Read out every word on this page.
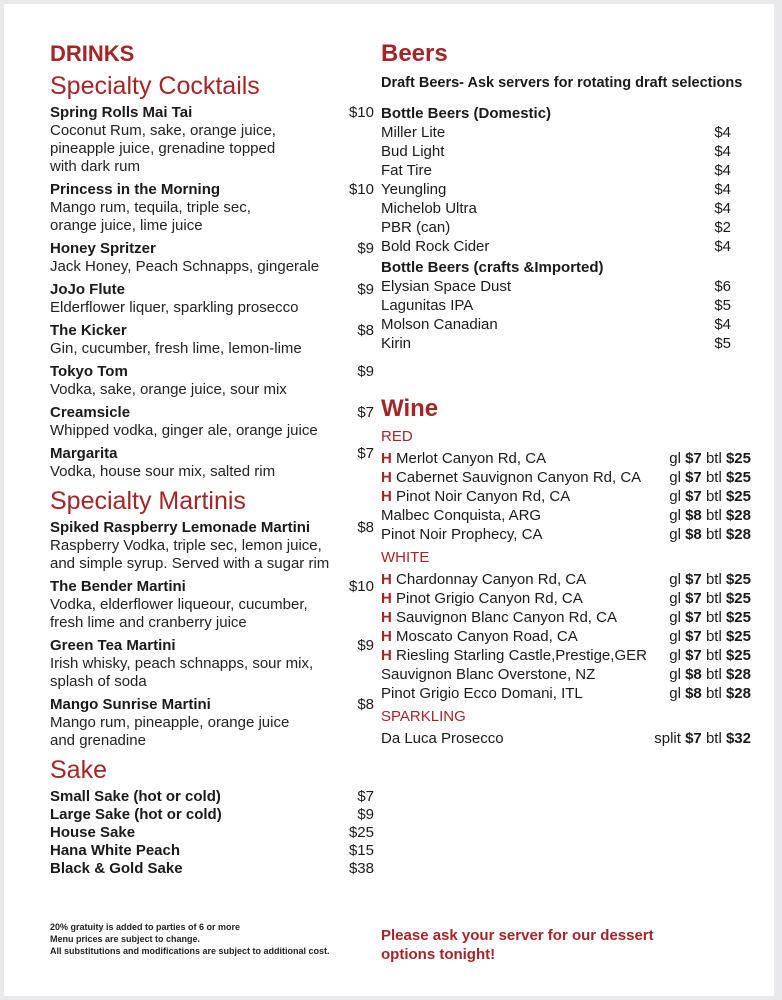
DRINKS
Specialty Cocktails
Spring Rolls Mai Tai	$10
Coconut Rum, sake, orange juice,
pineapple juice, grenadine topped
with dark rum
Princess in the Morning	$10
Mango rum, tequila, triple sec,
orange juice, lime juice
Honey Spritzer	$9
Jack Honey, Peach Schnapps, gingerale
JoJo Flute	$9
Elderflower liquer, sparkling prosecco
The Kicker	$8
Gin, cucumber, fresh lime, lemon-lime
Tokyo Tom	$9
Vodka, sake, orange juice, sour mix
Creamsicle	$7
Whipped vodka, ginger ale, orange juice
Margarita	$7
Vodka, house sour mix, salted rim
Specialty Martinis
Spiked Raspberry Lemonade Martini	$8
Raspberry Vodka, triple sec, lemon juice,
and simple syrup. Served with a sugar rim
The Bender Martini	$10
Vodka, elderflower liqueour, cucumber,
fresh lime and cranberry juice
Green Tea Martini	$9
Irish whisky, peach schnapps, sour mix,
splash of soda
Mango Sunrise Martini	$8
Mango rum, pineapple, orange juice
and grenadine
Sake
Small Sake (hot or cold)	$7
Large Sake (hot or cold)	$9
House Sake	$25
Hana White Peach	$15
Black & Gold Sake	$38
20% gratuity is added to parties of 6 or more
Menu prices are subject to change.
All substitutions and modifications are subject to additional cost.
Beers
Draft Beers- Ask servers for rotating draft selections
Bottle Beers (Domestic)
Miller Lite	$4
Bud Light	$4
Fat Tire	$4
Yeungling	$4
Michelob Ultra	$4
PBR (can)	$2
Bold Rock Cider	$4
Bottle Beers (crafts &Imported)
Elysian Space Dust	$6
Lagunitas IPA	$5
Molson Canadian	$4
Kirin	$5
Wine
RED
H Merlot Canyon Rd, CA	gl $7 btl $25
H Cabernet Sauvignon Canyon Rd, CA gl $7 btl $25
H Pinot Noir Canyon Rd, CA	gl $7 btl $25
Malbec Conquista, ARG	gl $8 btl $28
Pinot Noir Prophecy, CA	gl $8 btl $28
WHITE
H Chardonnay Canyon Rd, CA	gl $7 btl $25
H Pinot Grigio Canyon Rd, CA	gl $7 btl $25
H Sauvignon Blanc Canyon Rd, CA	gl $7 btl $25
H Moscato Canyon Road, CA	gl $7 btl $25
H Riesling Starling Castle,Prestige,GER gl $7 btl $25
Sauvignon Blanc Overstone, NZ	gl $8 btl $28
Pinot Grigio Ecco Domani, ITL	gl $8 btl $28
SPARKLING
Da Luca Prosecco	split $7 btl $32
Please ask your server for our dessert options tonight!
